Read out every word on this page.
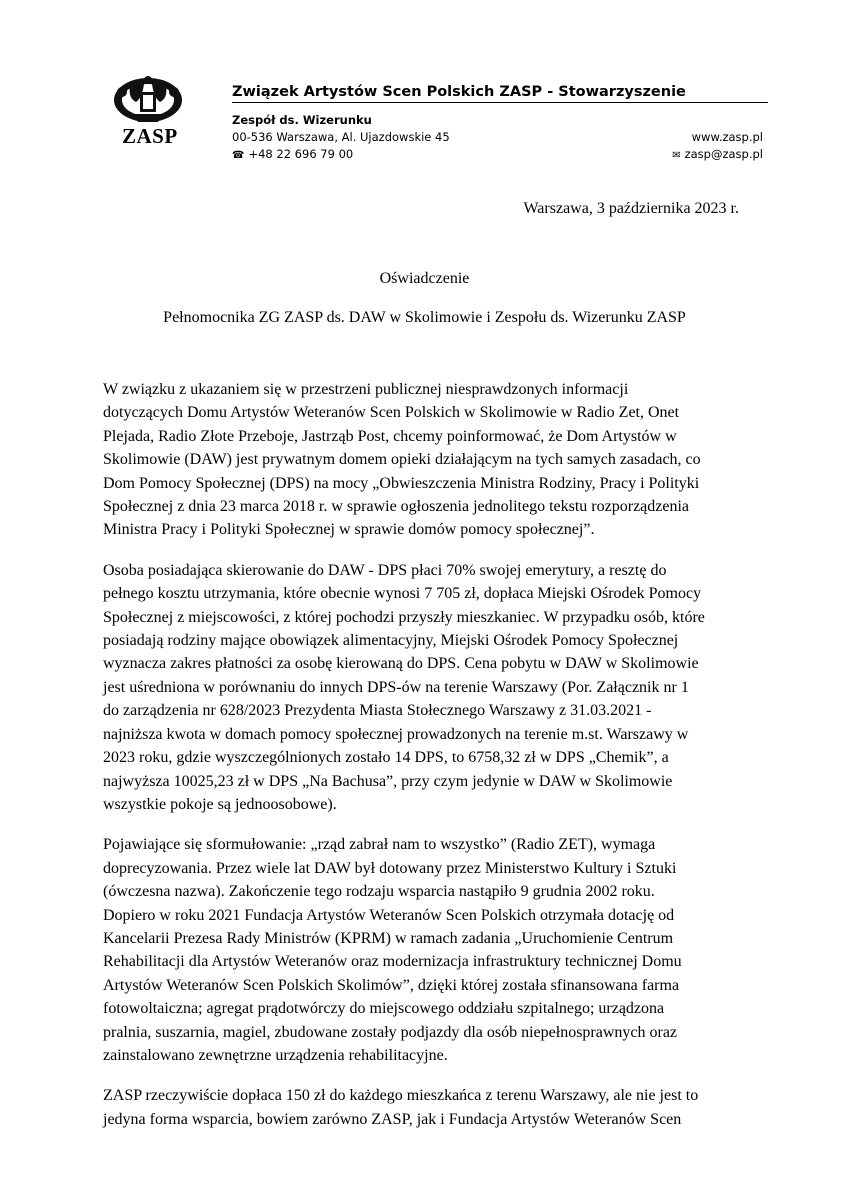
ZASP
Związek Artystów Scen Polskich ZASP - Stowarzyszenie
Zespół ds. Wizerunku
00-536 Warszawa, Al. Ujazdowskie 45
☎ +48 22 696 79 00
www.zasp.pl
✉ zasp@zasp.pl
Warszawa, 3 października 2023 r.
Oświadczenie
Pełnomocnika ZG ZASP ds. DAW w Skolimowie i Zespołu ds. Wizerunku ZASP

W związku z ukazaniem się w przestrzeni publicznej niesprawdzonych informacji
dotyczących Domu Artystów Weteranów Scen Polskich w Skolimowie w Radio Zet, Onet
Plejada, Radio Złote Przeboje, Jastrząb Post, chcemy poinformować, że Dom Artystów w
Skolimowie (DAW) jest prywatnym domem opieki działającym na tych samych zasadach, co
Dom Pomocy Społecznej (DPS) na mocy „Obwieszczenia Ministra Rodziny, Pracy i Polityki
Społecznej z dnia 23 marca 2018 r. w sprawie ogłoszenia jednolitego tekstu rozporządzenia
Ministra Pracy i Polityki Społecznej w sprawie domów pomocy społecznej”.

Osoba posiadająca skierowanie do DAW - DPS płaci 70% swojej emerytury, a resztę do
pełnego kosztu utrzymania, które obecnie wynosi 7 705 zł, dopłaca Miejski Ośrodek Pomocy
Społecznej z miejscowości, z której pochodzi przyszły mieszkaniec. W przypadku osób, które
posiadają rodziny mające obowiązek alimentacyjny, Miejski Ośrodek Pomocy Społecznej
wyznacza zakres płatności za osobę kierowaną do DPS. Cena pobytu w DAW w Skolimowie
jest uśredniona w porównaniu do innych DPS-ów na terenie Warszawy (Por. Załącznik nr 1
do zarządzenia nr 628/2023 Prezydenta Miasta Stołecznego Warszawy z 31.03.2021 -
najniższa kwota w domach pomocy społecznej prowadzonych na terenie m.st. Warszawy w
2023 roku, gdzie wyszczególnionych zostało 14 DPS, to 6758,32 zł w DPS „Chemik”, a
najwyższa 10025,23 zł w DPS „Na Bachusa”, przy czym jedynie w DAW w Skolimowie
wszystkie pokoje są jednoosobowe).

Pojawiające się sformułowanie: „rząd zabrał nam to wszystko” (Radio ZET), wymaga
doprecyzowania. Przez wiele lat DAW był dotowany przez Ministerstwo Kultury i Sztuki
(ówczesna nazwa). Zakończenie tego rodzaju wsparcia nastąpiło 9 grudnia 2002 roku.
Dopiero w roku 2021 Fundacja Artystów Weteranów Scen Polskich otrzymała dotację od
Kancelarii Prezesa Rady Ministrów (KPRM) w ramach zadania „Uruchomienie Centrum
Rehabilitacji dla Artystów Weteranów oraz modernizacja infrastruktury technicznej Domu
Artystów Weteranów Scen Polskich Skolimów”, dzięki której została sfinansowana farma
fotowoltaiczna; agregat prądotwórczy do miejscowego oddziału szpitalnego; urządzona
pralnia, suszarnia, magiel, zbudowane zostały podjazdy dla osób niepełnosprawnych oraz
zainstalowano zewnętrzne urządzenia rehabilitacyjne.

ZASP rzeczywiście dopłaca 150 zł do każdego mieszkańca z terenu Warszawy, ale nie jest to
jedyna forma wsparcia, bowiem zarówno ZASP, jak i Fundacja Artystów Weteranów Scen
